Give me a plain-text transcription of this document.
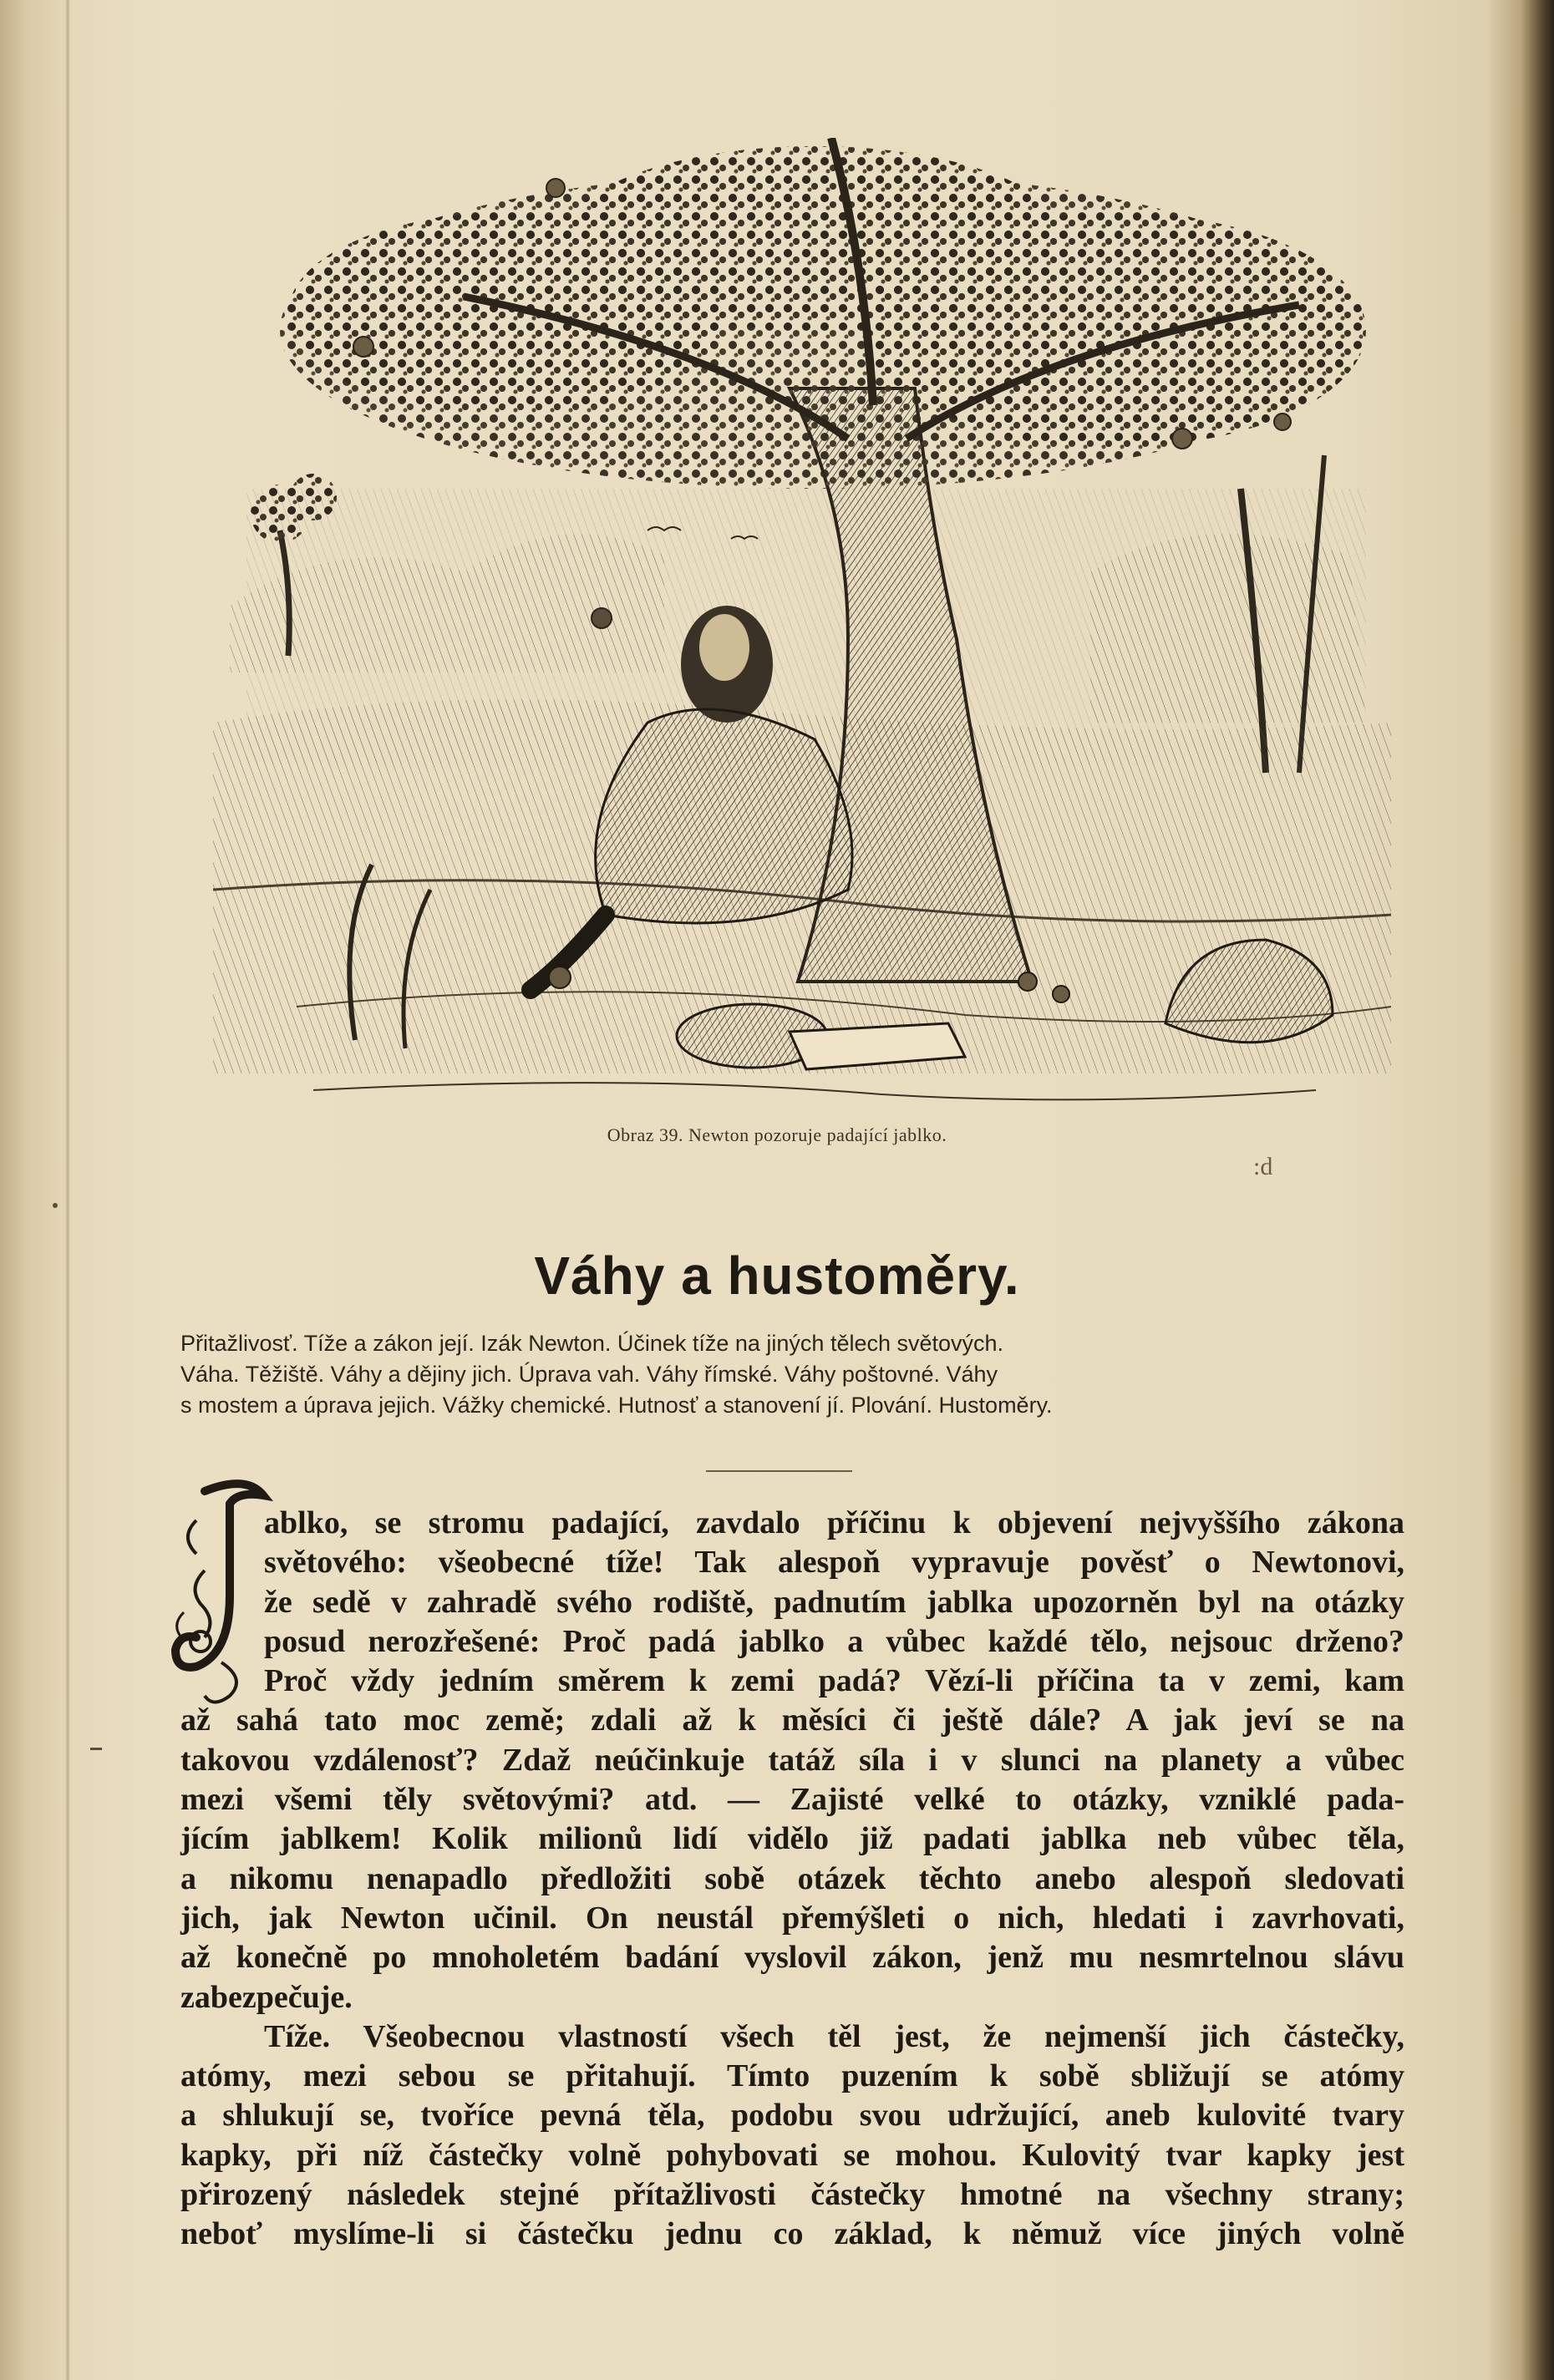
Obraz 39. Newton pozoruje padající jablko.
:d
Váhy a hustoměry.
Přitažlivosť. Tíže a zákon její. Izák Newton. Účinek tíže na jiných tělech světových.
Váha. Těžiště. Váhy a dějiny jich. Úprava vah. Váhy římské. Váhy poštovné. Váhy
s mostem a úprava jejich. Vážky chemické. Hutnosť a stanovení jí. Plování. Hustoměry.
ablko, se stromu padající, zavdalo příčinu k objevení nejvyššího zákona
světového: všeobecné tíže! Tak alespoň vypravuje pověsť o Newtonovi,
že sedě v zahradě svého rodiště, padnutím jablka upozorněn byl na otázky
posud nerozřešené: Proč padá jablko a vůbec každé tělo, nejsouc drženo?
Proč vždy jedním směrem k zemi padá? Vězí-li příčina ta v zemi, kam
až sahá tato moc země; zdali až k měsíci či ještě dále? A jak jeví se na
takovou vzdálenosť? Zdaž neúčinkuje tatáž síla i v slunci na planety a vůbec
mezi všemi těly světovými? atd. — Zajisté velké to otázky, vzniklé pada-
jícím jablkem! Kolik milionů lidí vidělo již padati jablka neb vůbec těla,
a nikomu nenapadlo předložiti sobě otázek těchto anebo alespoň sledovati
jich, jak Newton učinil. On neustál přemýšleti o nich, hledati i zavrhovati,
až konečně po mnoholetém badání vyslovil zákon, jenž mu nesmrtelnou slávu
zabezpečuje.
Tíže. Všeobecnou vlastností všech těl jest, že nejmenší jich částečky,
atómy, mezi sebou se přitahují. Tímto puzením k sobě sbližují se atómy
a shlukují se, tvoříce pevná těla, podobu svou udržující, aneb kulovité tvary
kapky, při níž částečky volně pohybovati se mohou. Kulovitý tvar kapky jest
přirozený následek stejné přítažlivosti částečky hmotné na všechny strany;
neboť myslíme-li si částečku jednu co základ, k němuž více jiných volně
